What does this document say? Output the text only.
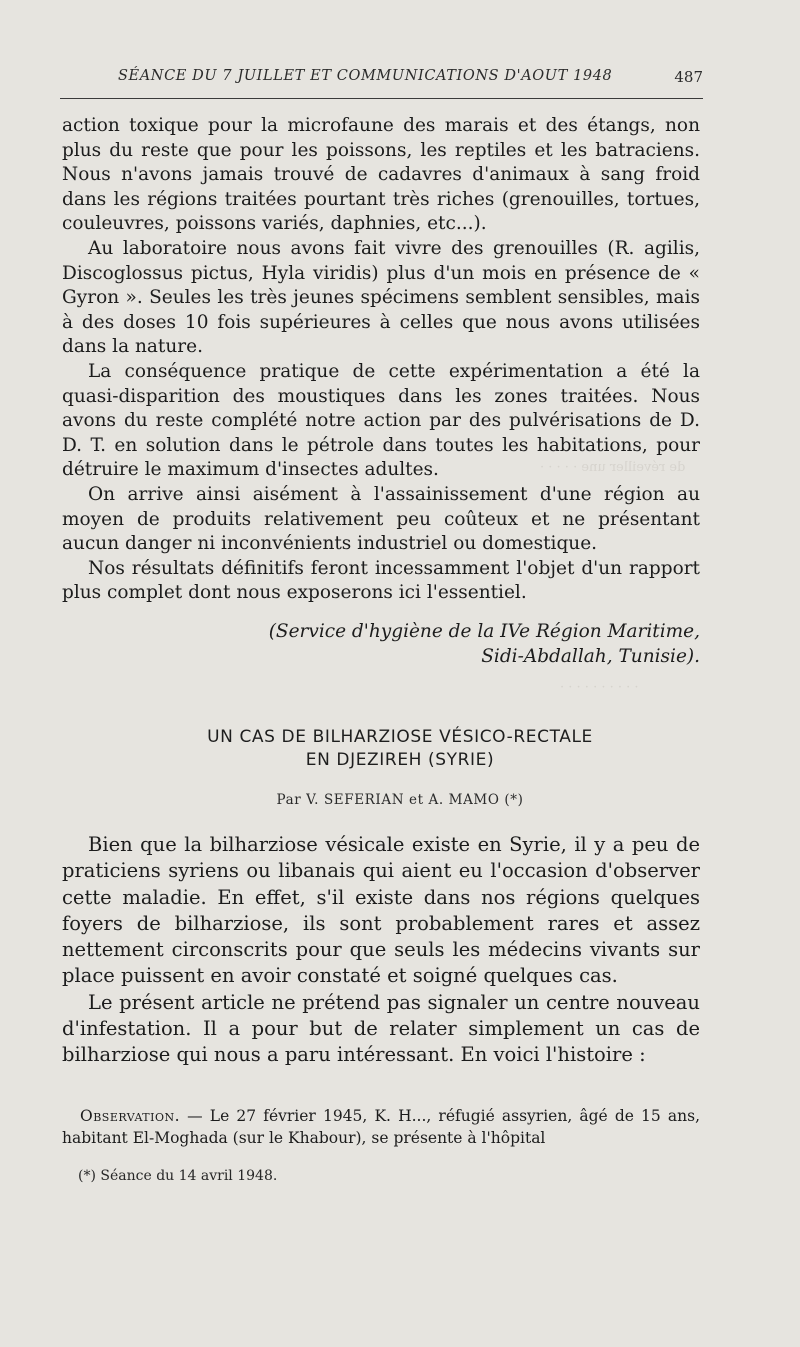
de réveiller une · · · · ·
· · · · · · · · · ·
SÉANCE DU 7 JUILLET ET COMMUNICATIONS D'AOUT 1948	487

action toxique pour la microfaune des marais et des étangs, non plus du reste que pour les poissons, les reptiles et les batraciens. Nous n'avons jamais trouvé de cadavres d'animaux à sang froid dans les régions traitées pourtant très riches (grenouilles, tortues, couleuvres, poissons variés, daphnies, etc...).

Au laboratoire nous avons fait vivre des grenouilles (R. agilis, Discoglossus pictus, Hyla viridis) plus d'un mois en présence de « Gyron ». Seules les très jeunes spécimens semblent sensibles, mais à des doses 10 fois supérieures à celles que nous avons utilisées dans la nature.

La conséquence pratique de cette expérimentation a été la quasi-disparition des moustiques dans les zones traitées. Nous avons du reste complété notre action par des pulvérisations de D. D. T. en solution dans le pétrole dans toutes les habitations, pour détruire le maximum d'insectes adultes.

On arrive ainsi aisément à l'assainissement d'une région au moyen de produits relativement peu coûteux et ne présentant aucun danger ni inconvénients industriel ou domestique.

Nos résultats définitifs feront incessamment l'objet d'un rapport plus complet dont nous exposerons ici l'essentiel.

(Service d'hygiène de la IVe Région Maritime,
Sidi-Abdallah, Tunisie).
UN CAS DE BILHARZIOSE VÉSICO-RECTALE
EN DJEZIREH (SYRIE)
Par V. SEFERIAN et A. MAMO (*)

Bien que la bilharziose vésicale existe en Syrie, il y a peu de praticiens syriens ou libanais qui aient eu l'occasion d'observer cette maladie. En effet, s'il existe dans nos régions quelques foyers de bilharziose, ils sont probablement rares et assez nettement circonscrits pour que seuls les médecins vivants sur place puissent en avoir constaté et soigné quelques cas.

Le présent article ne prétend pas signaler un centre nouveau d'infestation. Il a pour but de relater simplement un cas de bilharziose qui nous a paru intéressant. En voici l'histoire :

Observation. — Le 27 février 1945, K. H..., réfugié assyrien, âgé de 15 ans, habitant El-Moghada (sur le Khabour), se présente à l'hôpital
(*) Séance du 14 avril 1948.
